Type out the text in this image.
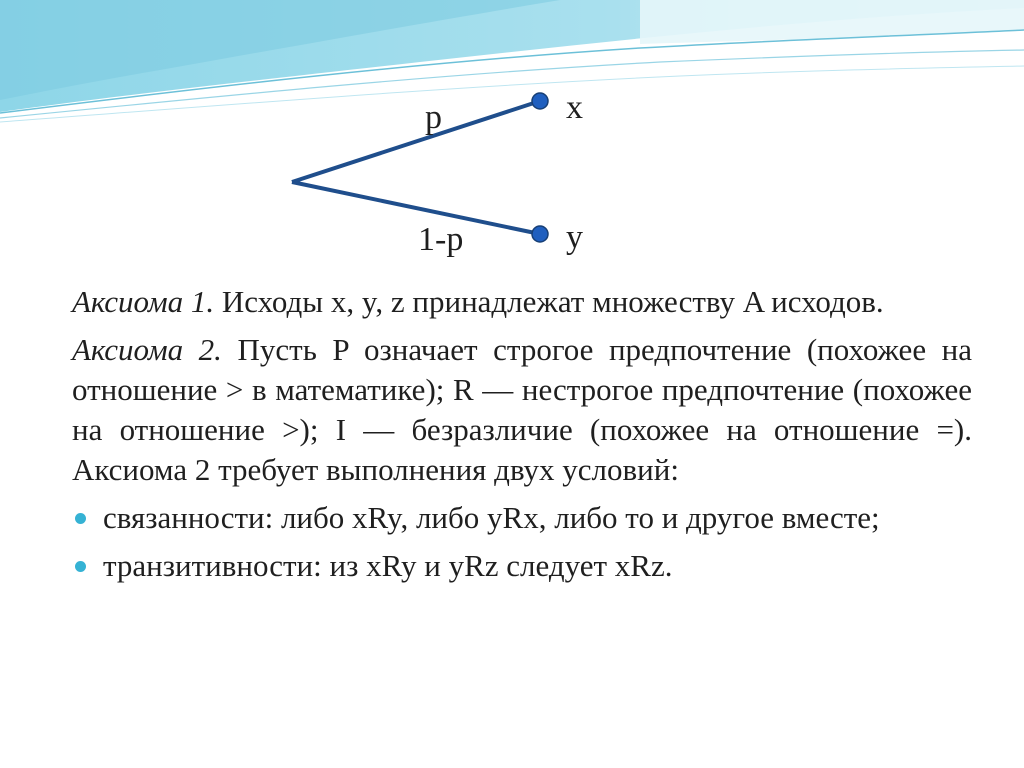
p
1-p
x
y

Аксиома 1. Исходы x, y, z принадлежат множеству A исходов.

Аксиома 2. Пусть P означает строгое предпочтение (похожее на отношение > в математике); R — нестрогое предпочтение (похожее на отношение >); I — безразличие (похожее на отношение =). Аксиома 2 требует выполнения двух условий:

связанности: либо xRy, либо yRx, либо то и другое вместе;
транзитивности: из xRy и yRz следует xRz.
